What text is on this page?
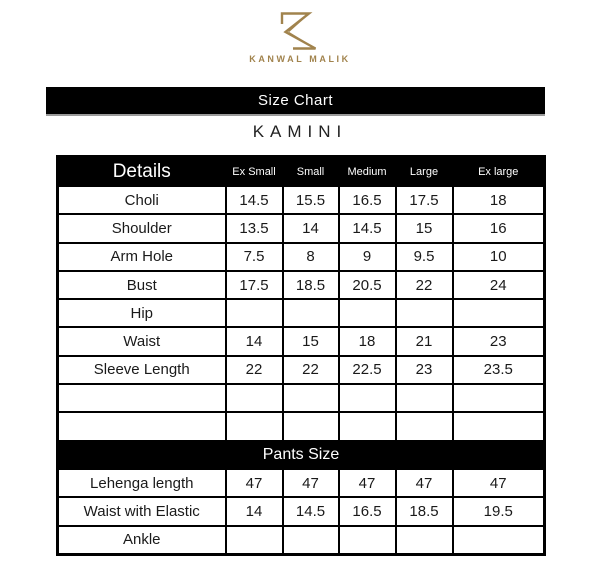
KANWAL MALIK
Size Chart
KAMINI
Details	Ex Small	Small	Medium	Large	Ex large
Choli	14.5	15.5	16.5	17.5	18
Shoulder	13.5	14	14.5	15	16
Arm Hole	7.5	8	9	9.5	10
Bust	17.5	18.5	20.5	22	24
Hip					
Waist	14	15	18	21	23
Sleeve Length	22	22	22.5	23	23.5

Pants Size					
Lehenga length	47	47	47	47	47
Waist with Elastic	14	14.5	16.5	18.5	19.5
Ankle					
